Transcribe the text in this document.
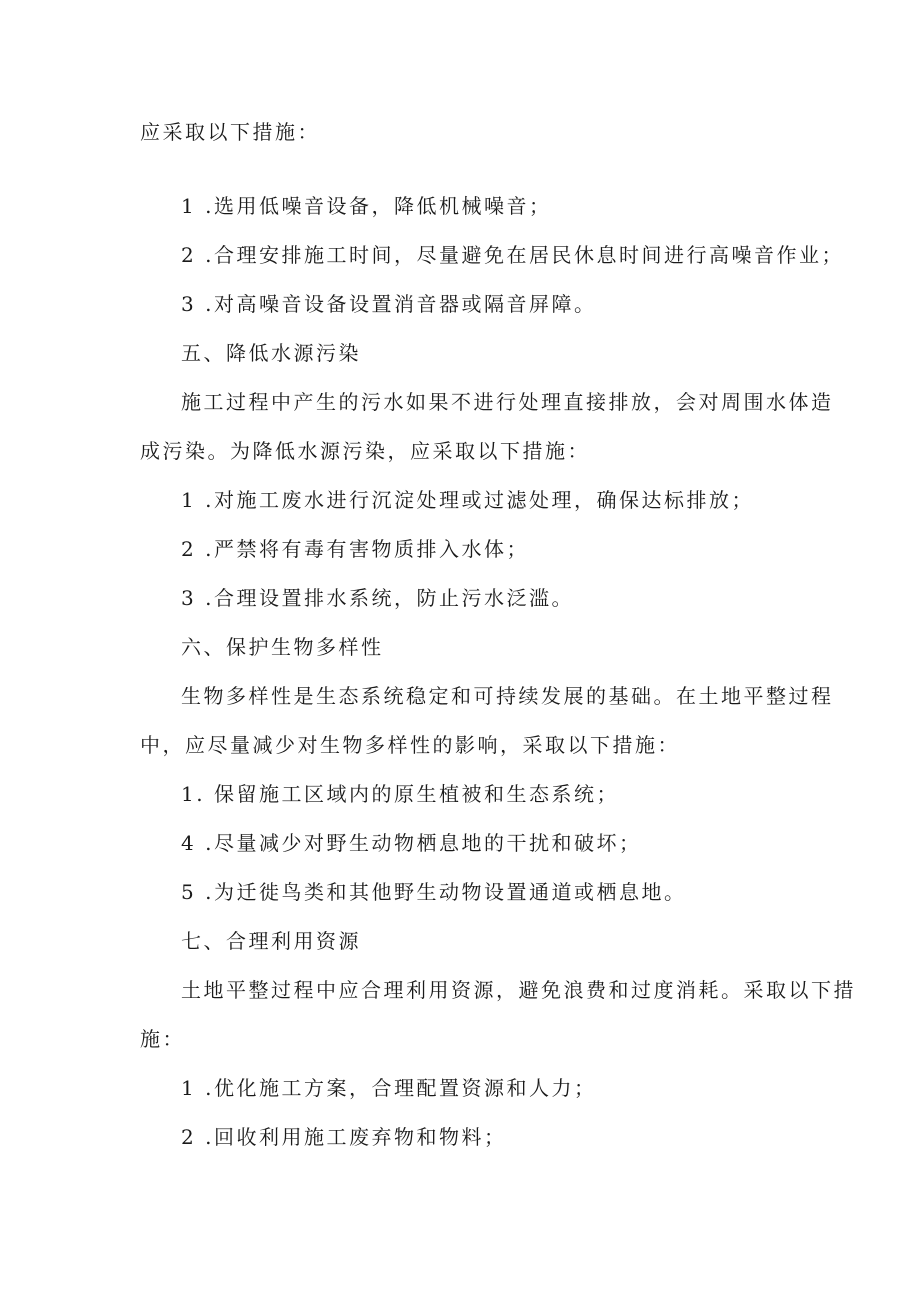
应采取以下措施：
1 .选用低噪音设备，降低机械噪音；
2 .合理安排施工时间，尽量避免在居民休息时间进行高噪音作业；
3 .对高噪音设备设置消音器或隔音屏障。
五、降低水源污染
施工过程中产生的污水如果不进行处理直接排放，会对周围水体造
成污染。为降低水源污染，应采取以下措施：
1 .对施工废水进行沉淀处理或过滤处理，确保达标排放；
2 .严禁将有毒有害物质排入水体；
3 .合理设置排水系统，防止污水泛滥。
六、保护生物多样性
生物多样性是生态系统稳定和可持续发展的基础。在土地平整过程
中，应尽量减少对生物多样性的影响，采取以下措施：
1. 保留施工区域内的原生植被和生态系统；
4 .尽量减少对野生动物栖息地的干扰和破坏；
5 .为迁徙鸟类和其他野生动物设置通道或栖息地。
七、合理利用资源
土地平整过程中应合理利用资源，避免浪费和过度消耗。采取以下措
施：
1 .优化施工方案，合理配置资源和人力；
2 .回收利用施工废弃物和物料；
